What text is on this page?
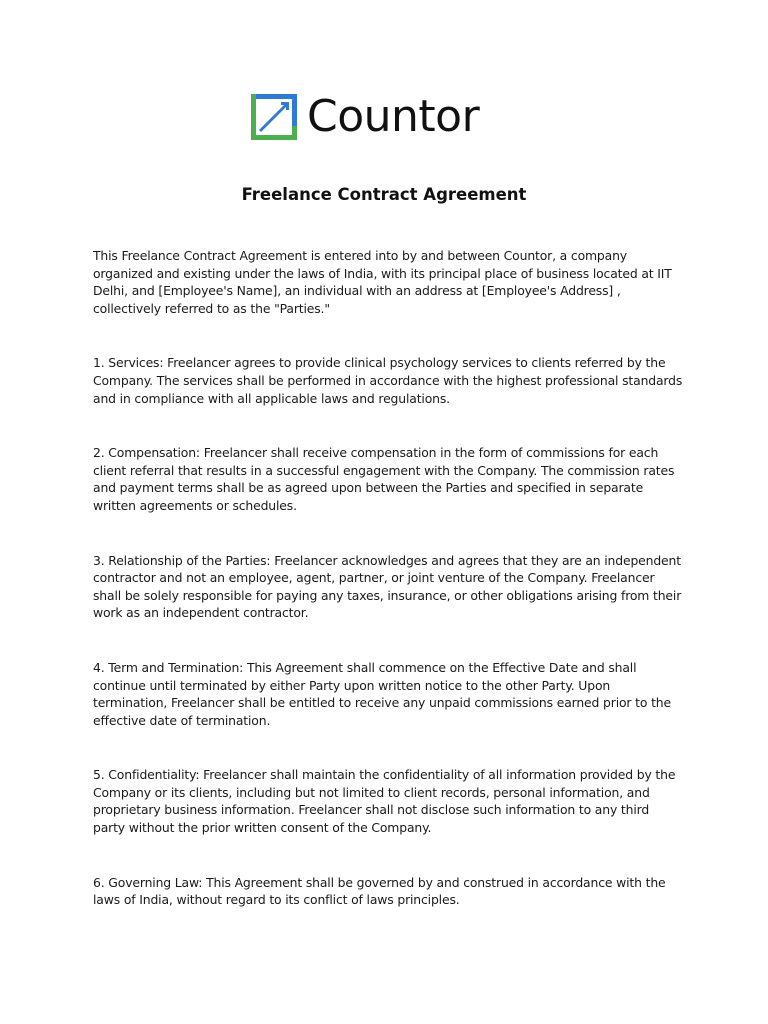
Countor
Freelance Contract Agreement

This Freelance Contract Agreement is entered into by and between Countor, a company organized and existing under the laws of India, with its principal place of business located at IIT Delhi, and [Employee's Name], an individual with an address at [Employee's Address] , collectively referred to as the "Parties."

1. Services: Freelancer agrees to provide clinical psychology services to clients referred by the Company. The services shall be performed in accordance with the highest professional standards and in compliance with all applicable laws and regulations.

2. Compensation: Freelancer shall receive compensation in the form of commissions for each client referral that results in a successful engagement with the Company. The commission rates and payment terms shall be as agreed upon between the Parties and specified in separate written agreements or schedules.

3. Relationship of the Parties: Freelancer acknowledges and agrees that they are an independent contractor and not an employee, agent, partner, or joint venture of the Company. Freelancer shall be solely responsible for paying any taxes, insurance, or other obligations arising from their work as an independent contractor.

4. Term and Termination: This Agreement shall commence on the Effective Date and shall continue until terminated by either Party upon written notice to the other Party. Upon termination, Freelancer shall be entitled to receive any unpaid commissions earned prior to the effective date of termination.

5. Confidentiality: Freelancer shall maintain the confidentiality of all information provided by the Company or its clients, including but not limited to client records, personal information, and proprietary business information. Freelancer shall not disclose such information to any third party without the prior written consent of the Company.

6. Governing Law: This Agreement shall be governed by and construed in accordance with the laws of India, without regard to its conflict of laws principles.
